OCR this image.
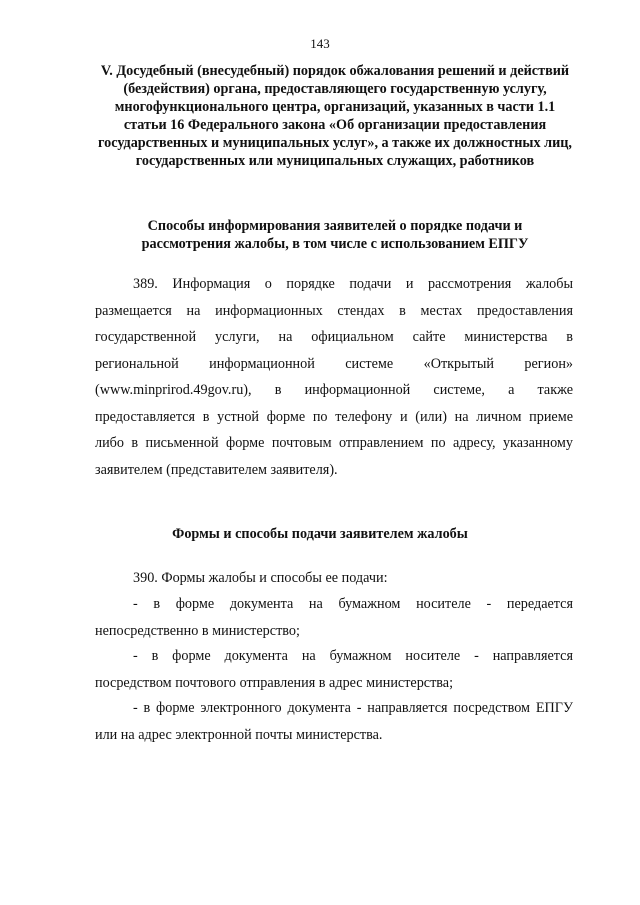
143
V. Досудебный (внесудебный) порядок обжалования решений и действий (бездействия) органа, предоставляющего государственную услугу, многофункционального центра, организаций, указанных в части 1.1 статьи 16 Федерального закона «Об организации предоставления государственных и муниципальных услуг», а также их должностных лиц, государственных или муниципальных служащих, работников
Способы информирования заявителей о порядке подачи и рассмотрения жалобы, в том числе с использованием ЕПГУ
389. Информация о порядке подачи и рассмотрения жалобы
размещается на информационных стендах в местах предоставления
государственной услуги, на официальном сайте министерства в
региональной информационной системе «Открытый регион»
(www.minprirod.49gov.ru), в информационной системе, а также
предоставляется в устной форме по телефону и (или) на личном приеме
либо в письменной форме почтовым отправлением по адресу, указанному
заявителем (представителем заявителя).
Формы и способы подачи заявителем жалобы
390. Формы жалобы и способы ее подачи:
- в форме документа на бумажном носителе - передается
непосредственно в министерство;
- в форме документа на бумажном носителе - направляется
посредством почтового отправления в адрес министерства;
- в форме электронного документа - направляется посредством ЕПГУ
или на адрес электронной почты министерства.
